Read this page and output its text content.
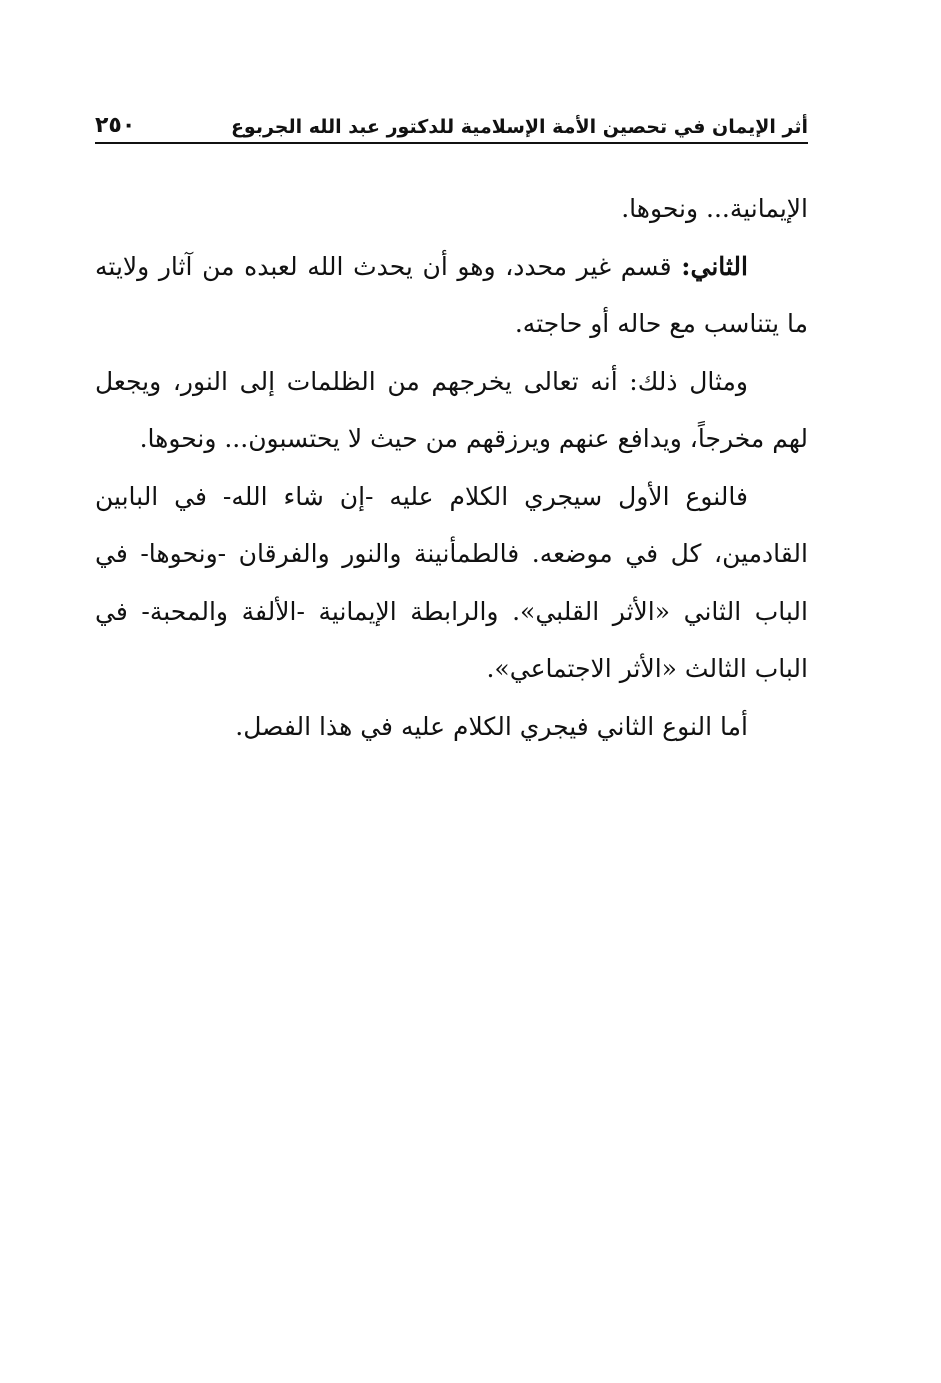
أثر الإيمان في تحصين الأمة الإسلامية للدكتور عبد الله الجربوع
٢٥٠

الإيمانية... ونحوها.

الثاني: قسم غير محدد، وهو أن يحدث الله لعبده من آثار ولايته ما يتناسب مع حاله أو حاجته.

ومثال ذلك: أنه تعالى يخرجهم من الظلمات إلى النور، ويجعل لهم مخرجاً، ويدافع عنهم ويرزقهم من حيث لا يحتسبون... ونحوها.

فالنوع الأول سيجري الكلام عليه -إن شاء الله- في البابين القادمين، كل في موضعه. فالطمأنينة والنور والفرقان -ونحوها- في الباب الثاني «الأثر القلبي». والرابطة الإيمانية -الألفة والمحبة- في الباب الثالث «الأثر الاجتماعي».

أما النوع الثاني فيجري الكلام عليه في هذا الفصل.
